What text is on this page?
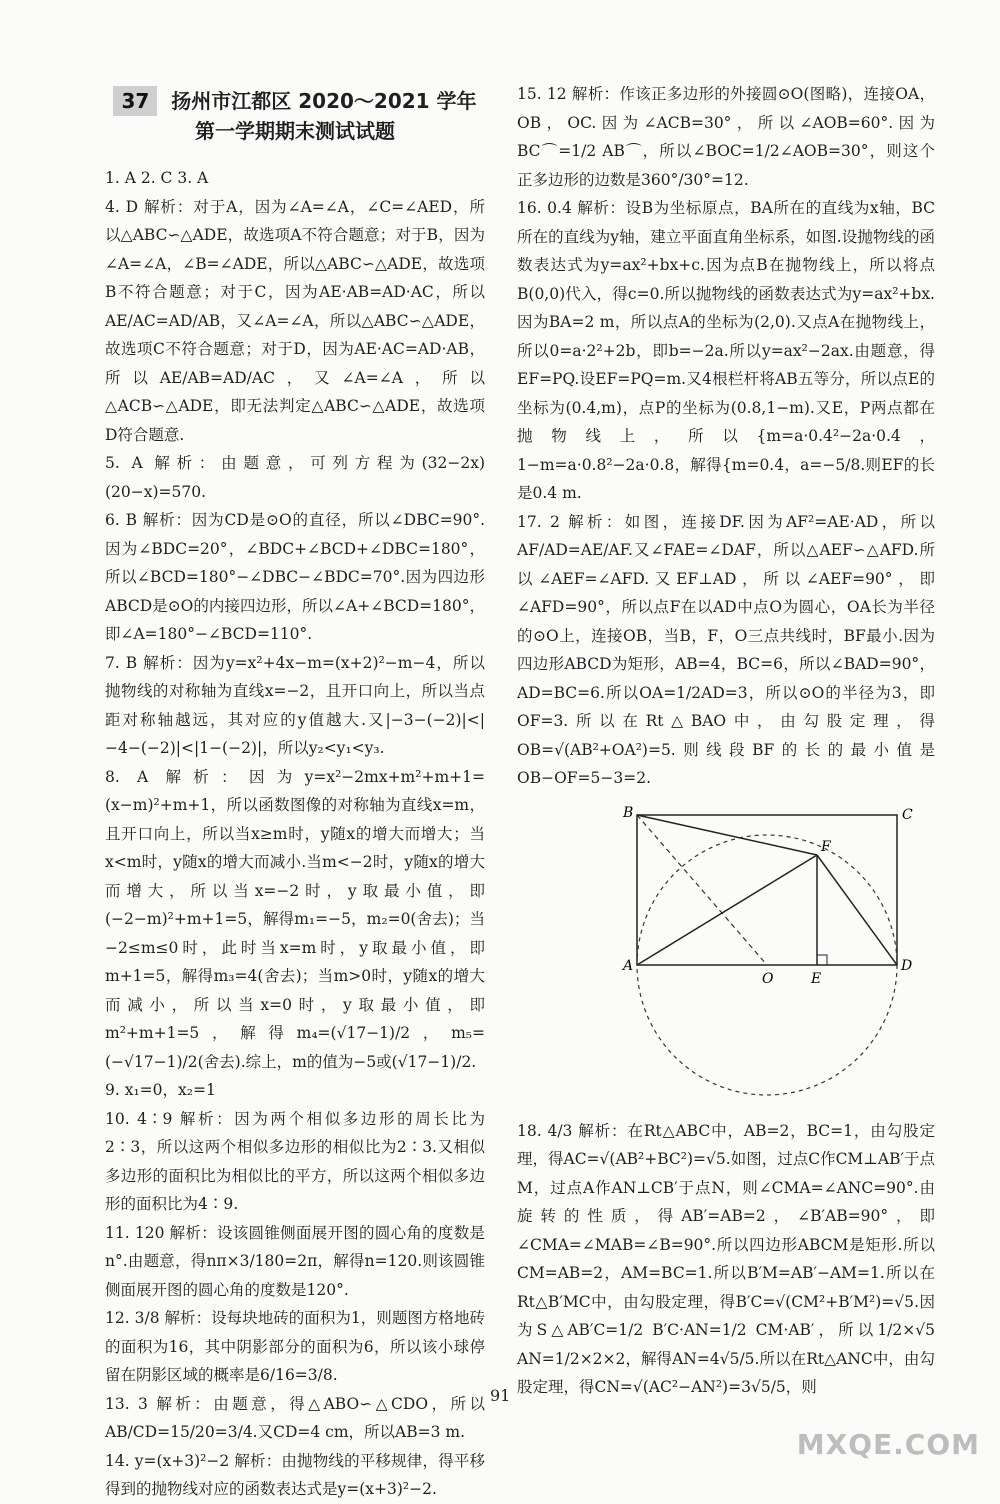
37 扬州市江都区 2020～2021 学年
第一学期期末测试试题

1. A 2. C 3. A

4. D 解析：对于A，因为∠A=∠A，∠C=∠AED，所以△ABC∽△ADE，故选项A不符合题意；对于B，因为∠A=∠A，∠B=∠ADE，所以△ABC∽△ADE，故选项B不符合题意；对于C，因为AE·AB=AD·AC，所以AE/AC=AD/AB，又∠A=∠A，所以△ABC∽△ADE，故选项C不符合题意；对于D，因为AE·AC=AD·AB，所以AE/AB=AD/AC，又∠A=∠A，所以△ACB∽△ADE，即无法判定△ABC∽△ADE，故选项D符合题意.

5. A 解析：由题意，可列方程为(32−2x)(20−x)=570.

6. B 解析：因为CD是⊙O的直径，所以∠DBC=90°.因为∠BDC=20°，∠BDC+∠BCD+∠DBC=180°，所以∠BCD=180°−∠DBC−∠BDC=70°.因为四边形ABCD是⊙O的内接四边形，所以∠A+∠BCD=180°，即∠A=180°−∠BCD=110°.

7. B 解析：因为y=x²+4x−m=(x+2)²−m−4，所以抛物线的对称轴为直线x=−2，且开口向上，所以当点距对称轴越远，其对应的y值越大.又|−3−(−2)|<|−4−(−2)|<|1−(−2)|，所以y₂<y₁<y₃.

8. A 解析：因为y=x²−2mx+m²+m+1=(x−m)²+m+1，所以函数图像的对称轴为直线x=m，且开口向上，所以当x≥m时，y随x的增大而增大；当x<m时，y随x的增大而减小.当m<−2时，y随x的增大而增大，所以当x=−2时，y取最小值，即(−2−m)²+m+1=5，解得m₁=−5，m₂=0(舍去)；当−2≤m≤0时，此时当x=m时，y取最小值，即m+1=5，解得m₃=4(舍去)；当m>0时，y随x的增大而减小，所以当x=0时，y取最小值，即m²+m+1=5，解得m₄=(√17−1)/2，m₅=(−√17−1)/2(舍去).综上，m的值为−5或(√17−1)/2.

9. x₁=0，x₂=1

10. 4∶9 解析：因为两个相似多边形的周长比为2∶3，所以这两个相似多边形的相似比为2∶3.又相似多边形的面积比为相似比的平方，所以这两个相似多边形的面积比为4∶9.

11. 120 解析：设该圆锥侧面展开图的圆心角的度数是n°.由题意，得nπ×3/180=2π，解得n=120.则该圆锥侧面展开图的圆心角的度数是120°.

12. 3/8 解析：设每块地砖的面积为1，则题图方格地砖的面积为16，其中阴影部分的面积为6，所以该小球停留在阴影区域的概率是6/16=3/8.

13. 3 解析：由题意，得△ABO∽△CDO，所以AB/CD=15/20=3/4.又CD=4 cm，所以AB=3 m.

14. y=(x+3)²−2 解析：由抛物线的平移规律，得平移得到的抛物线对应的函数表达式是y=(x+3)²−2.

15. 12 解析：作该正多边形的外接圆⊙O(图略)，连接OA，OB，OC.因为∠ACB=30°，所以∠AOB=60°.因为BC⌒=1/2 AB⌒，所以∠BOC=1/2∠AOB=30°，则这个正多边形的边数是360°/30°=12.

16. 0.4 解析：设B为坐标原点，BA所在的直线为x轴，BC所在的直线为y轴，建立平面直角坐标系，如图.设抛物线的函数表达式为y=ax²+bx+c.因为点B在抛物线上，所以将点B(0,0)代入，得c=0.所以抛物线的函数表达式为y=ax²+bx.因为BA=2 m，所以点A的坐标为(2,0).又点A在抛物线上，所以0=a·2²+2b，即b=−2a.所以y=ax²−2ax.由题意，得EF=PQ.设EF=PQ=m.又4根栏杆将AB五等分，所以点E的坐标为(0.4,m)，点P的坐标为(0.8,1−m).又E，P两点都在抛物线上，所以{m=a·0.4²−2a·0.4，1−m=a·0.8²−2a·0.8，解得{m=0.4，a=−5/8.则EF的长是0.4 m.

17. 2 解析：如图，连接DF.因为AF²=AE·AD，所以AF/AD=AE/AF.又∠FAE=∠DAF，所以△AEF∽△AFD.所以∠AEF=∠AFD.又EF⊥AD，所以∠AEF=90°，即∠AFD=90°，所以点F在以AD中点O为圆心，OA长为半径的⊙O上，连接OB，当B，F，O三点共线时，BF最小.因为四边形ABCD为矩形，AB=4，BC=6，所以∠BAD=90°，AD=BC=6.所以OA=1/2AD=3，所以⊙O的半径为3，即OF=3.所以在Rt△BAO中，由勾股定理，得OB=√(AB²+OA²)=5.则线段BF的长的最小值是OB−OF=5−3=2.

B	C
F
A
O	E
D

18. 4/3 解析：在Rt△ABC中，AB=2，BC=1，由勾股定理，得AC=√(AB²+BC²)=√5.如图，过点C作CM⊥AB′于点M，过点A作AN⊥CB′于点N，则∠CMA=∠ANC=90°.由旋转的性质，得AB′=AB=2，∠B′AB=90°，即∠CMA=∠MAB=∠B=90°.所以四边形ABCM是矩形.所以CM=AB=2，AM=BC=1.所以B′M=AB′−AM=1.所以在Rt△B′MC中，由勾股定理，得B′C=√(CM²+B′M²)=√5.因为S△AB′C=1/2 B′C·AN=1/2 CM·AB′，所以1/2×√5 AN=1/2×2×2，解得AN=4√5/5.所以在Rt△ANC中，由勾股定理，得CN=√(AC²−AN²)=3√5/5，则

91
MXQE.COM
